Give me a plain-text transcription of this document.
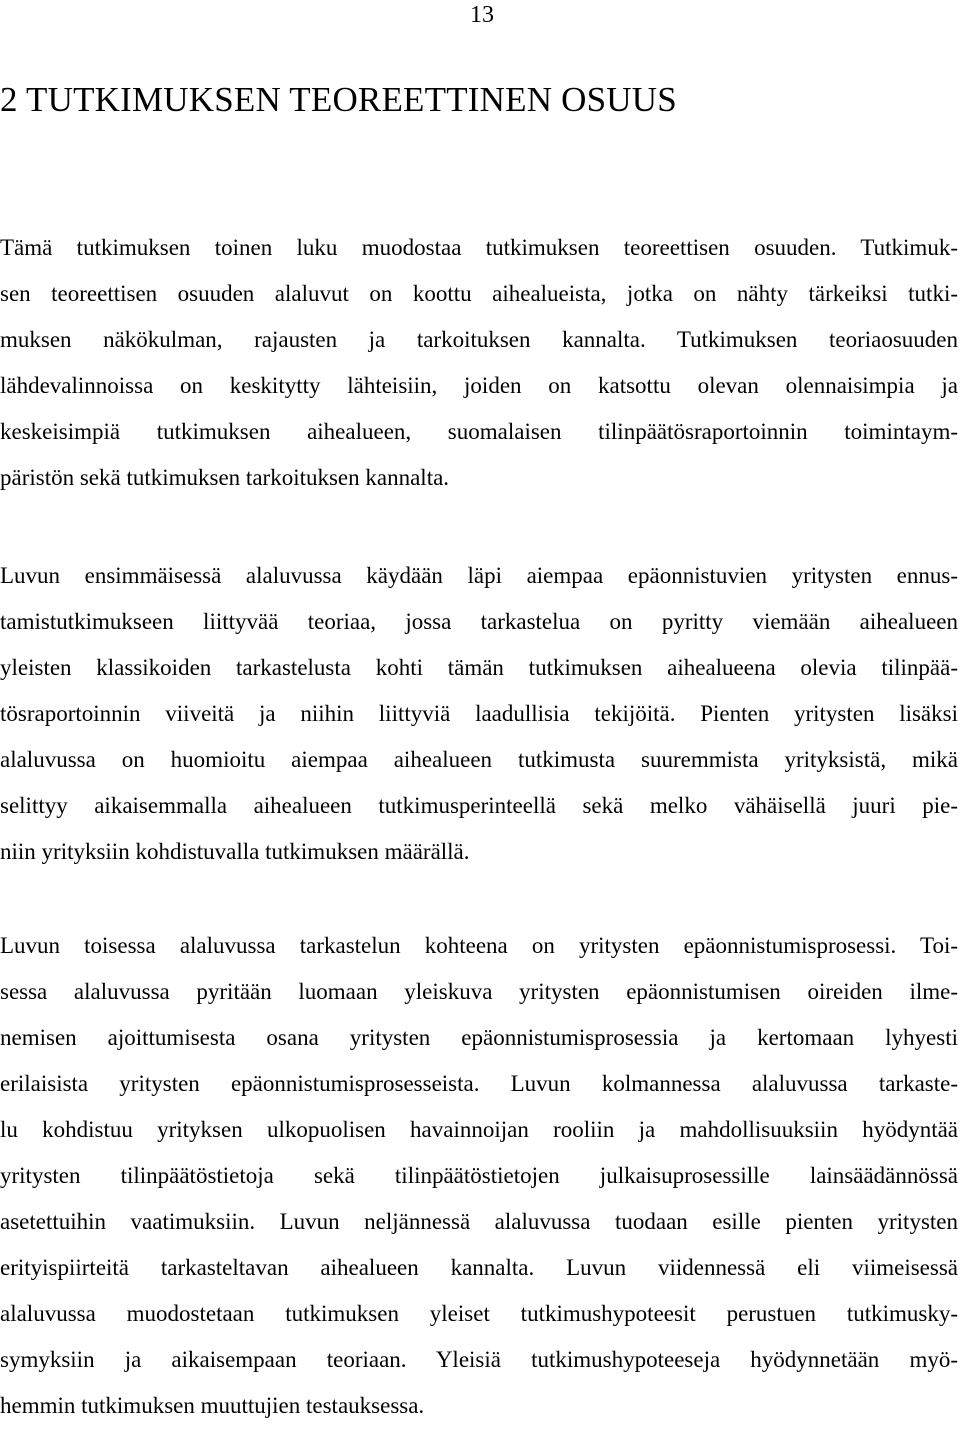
13
2 TUTKIMUKSEN TEOREETTINEN OSUUS
Tämä tutkimuksen toinen luku muodostaa tutkimuksen teoreettisen osuuden. Tutkimuk-
sen teoreettisen osuuden alaluvut on koottu aihealueista, jotka on nähty tärkeiksi tutki-
muksen näkökulman, rajausten ja tarkoituksen kannalta. Tutkimuksen teoriaosuuden
lähdevalinnoissa on keskitytty lähteisiin, joiden on katsottu olevan olennaisimpia ja
keskeisimpiä tutkimuksen aihealueen, suomalaisen tilinpäätösraportoinnin toimintaym-
päristön sekä tutkimuksen tarkoituksen kannalta.
Luvun ensimmäisessä alaluvussa käydään läpi aiempaa epäonnistuvien yritysten ennus-
tamistutkimukseen liittyvää teoriaa, jossa tarkastelua on pyritty viemään aihealueen
yleisten klassikoiden tarkastelusta kohti tämän tutkimuksen aihealueena olevia tilinpää-
tösraportoinnin viiveitä ja niihin liittyviä laadullisia tekijöitä. Pienten yritysten lisäksi
alaluvussa on huomioitu aiempaa aihealueen tutkimusta suuremmista yrityksistä, mikä
selittyy aikaisemmalla aihealueen tutkimusperinteellä sekä melko vähäisellä juuri pie-
niin yrityksiin kohdistuvalla tutkimuksen määrällä.
Luvun toisessa alaluvussa tarkastelun kohteena on yritysten epäonnistumisprosessi. Toi-
sessa alaluvussa pyritään luomaan yleiskuva yritysten epäonnistumisen oireiden ilme-
nemisen ajoittumisesta osana yritysten epäonnistumisprosessia ja kertomaan lyhyesti
erilaisista yritysten epäonnistumisprosesseista. Luvun kolmannessa alaluvussa tarkaste-
lu kohdistuu yrityksen ulkopuolisen havainnoijan rooliin ja mahdollisuuksiin hyödyntää
yritysten tilinpäätöstietoja sekä tilinpäätöstietojen julkaisuprosessille lainsäädännössä
asetettuihin vaatimuksiin. Luvun neljännessä alaluvussa tuodaan esille pienten yritysten
erityispiirteitä tarkasteltavan aihealueen kannalta. Luvun viidennessä eli viimeisessä
alaluvussa muodostetaan tutkimuksen yleiset tutkimushypoteesit perustuen tutkimusky-
symyksiin ja aikaisempaan teoriaan. Yleisiä tutkimushypoteeseja hyödynnetään myö-
hemmin tutkimuksen muuttujien testauksessa.
